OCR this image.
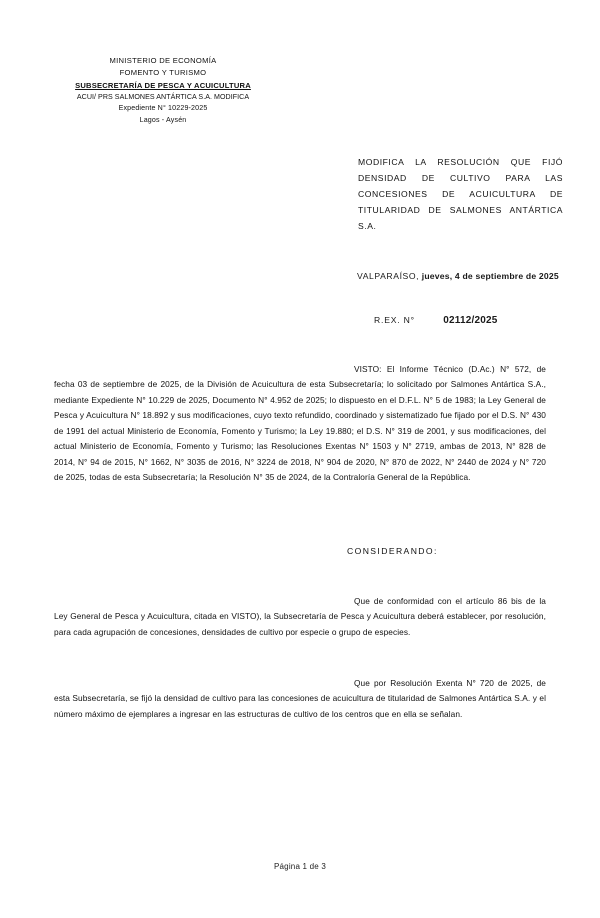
MINISTERIO DE ECONOMÍA
FOMENTO Y TURISMO
SUBSECRETARÍA DE PESCA Y ACUICULTURA
ACUI/ PRS SALMONES ANTÁRTICA S.A. MODIFICA
Expediente N° 10229-2025
Lagos - Aysén
MODIFICA LA RESOLUCIÓN QUE FIJÓ
DENSIDAD DE CULTIVO PARA LAS
CONCESIONES DE ACUICULTURA DE
TITULARIDAD DE SALMONES ANTÁRTICA
S.A.
VALPARAÍSO, jueves, 4 de septiembre de 2025
R.EX. N°	02112/2025
VISTO: El Informe Técnico (D.Ac.) N° 572, de fecha 03 de septiembre de 2025, de la División de Acuicultura de esta Subsecretaría; lo solicitado por Salmones Antártica S.A., mediante Expediente N° 10.229 de 2025, Documento N° 4.952 de 2025; lo dispuesto en el D.F.L. N° 5 de 1983; la Ley General de Pesca y Acuicultura N° 18.892 y sus modificaciones, cuyo texto refundido, coordinado y sistematizado fue fijado por el D.S. N° 430 de 1991 del actual Ministerio de Economía, Fomento y Turismo; la Ley 19.880; el D.S. N° 319 de 2001, y sus modificaciones, del actual Ministerio de Economía, Fomento y Turismo; las Resoluciones Exentas N° 1503 y N° 2719, ambas de 2013, N° 828 de 2014, N° 94 de 2015, N° 1662, N° 3035 de 2016, N° 3224 de 2018, N° 904 de 2020, N° 870 de 2022, N° 2440 de 2024 y N° 720 de 2025, todas de esta Subsecretaría; la Resolución N° 35 de 2024, de la Contraloría General de la República.
CONSIDERANDO:
Que de conformidad con el artículo 86 bis de la Ley General de Pesca y Acuicultura, citada en VISTO), la Subsecretaría de Pesca y Acuicultura deberá establecer, por resolución, para cada agrupación de concesiones, densidades de cultivo por especie o grupo de especies.
Que por Resolución Exenta N° 720 de 2025, de esta Subsecretaría, se fijó la densidad de cultivo para las concesiones de acuicultura de titularidad de Salmones Antártica S.A. y el número máximo de ejemplares a ingresar en las estructuras de cultivo de los centros que en ella se señalan.
Página 1 de 3
